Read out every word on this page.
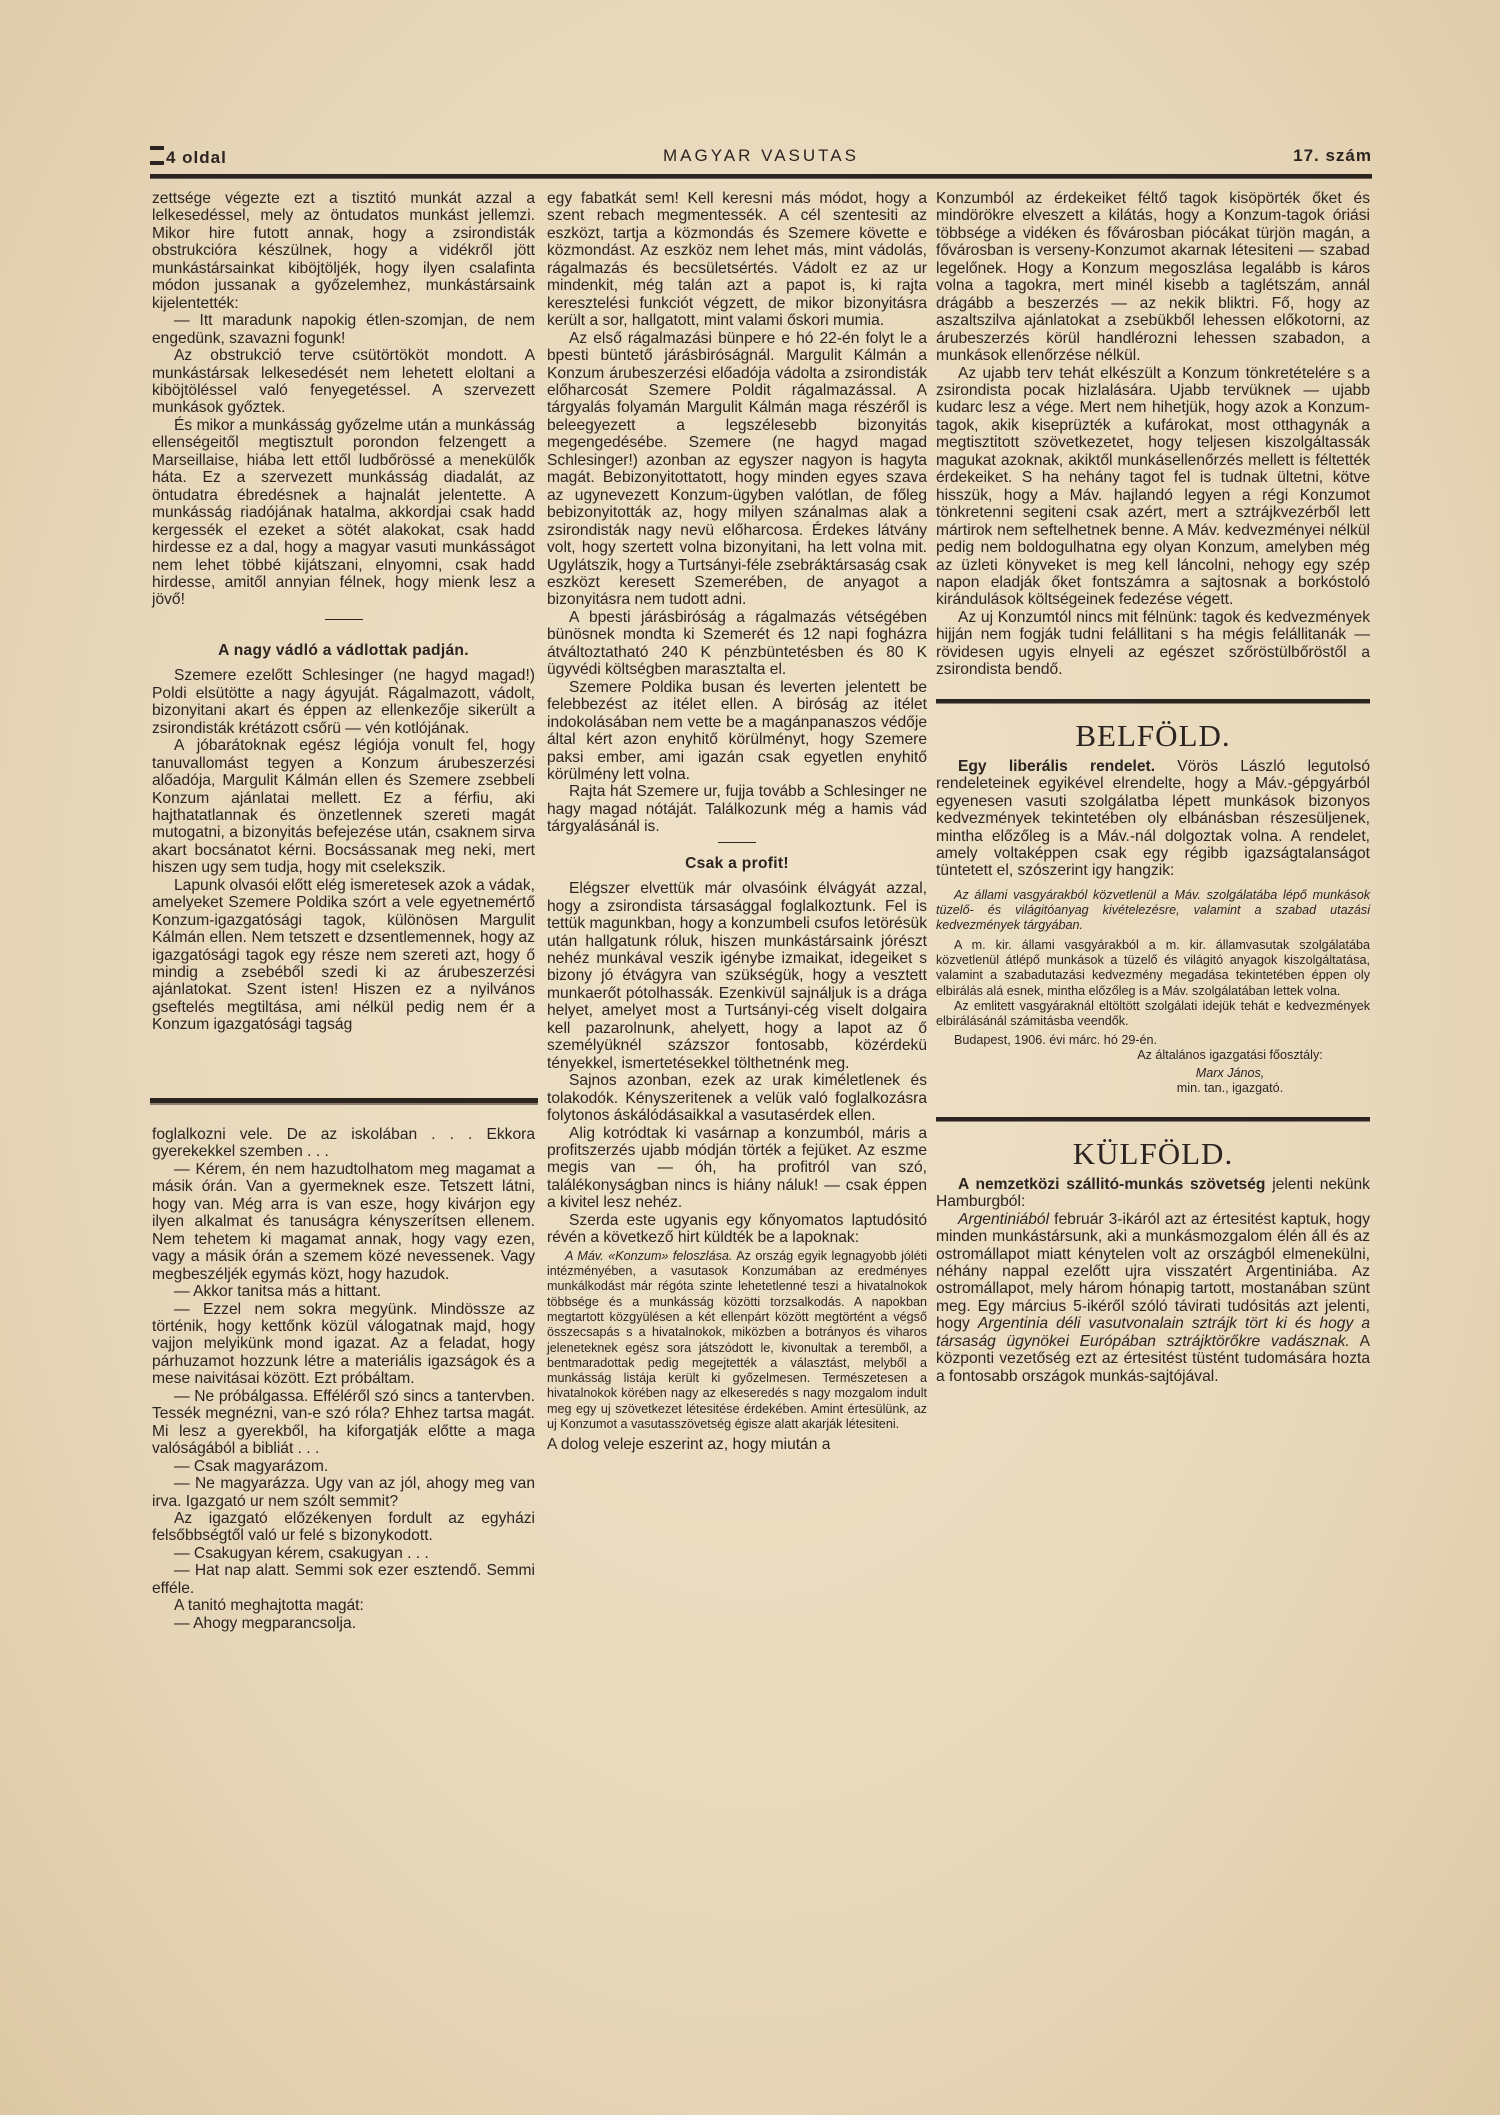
4 oldal	MAGYAR VASUTAS	17. szám

zettsége végezte ezt a tisztitó munkát azzal a lelkesedéssel, mely az öntudatos munkást jellemzi. Mikor hire futott annak, hogy a zsirondisták obstrukcióra készülnek, hogy a vidékről jött munkástársainkat kiböjtöljék, hogy ilyen csalafinta módon jussanak a győzelemhez, munkástársaink kijelentették:

— Itt maradunk napokig étlen-szomjan, de nem engedünk, szavazni fogunk!

Az obstrukció terve csütörtököt mondott. A munkástársak lelkesedését nem lehetett eloltani a kiböjtöléssel való fenyegetéssel. A szervezett munkások győztek.

És mikor a munkásság győzelme után a munkásság ellenségeitől megtisztult porondon felzengett a Marseillaise, hiába lett ettől ludbőrössé a menekülők háta. Ez a szervezett munkásság diadalát, az öntudatra ébredésnek a hajnalát jelentette. A munkásság riadójának hatalma, akkordjai csak hadd kergessék el ezeket a sötét alakokat, csak hadd hirdesse ez a dal, hogy a magyar vasuti munkásságot nem lehet többé kijátszani, elnyomni, csak hadd hirdesse, amitől annyian félnek, hogy mienk lesz a jövő!

A nagy vádló a vádlottak padján.

Szemere ezelőtt Schlesinger (ne hagyd magad!) Poldi elsütötte a nagy ágyuját. Rágalmazott, vádolt, bizonyitani akart és éppen az ellenkezője sikerült a zsirondisták krétázott csőrü — vén kotlójának.

A jóbarátoknak egész légiója vonult fel, hogy tanuvallomást tegyen a Konzum árubeszerzési alőadója, Margulit Kálmán ellen és Szemere zsebbeli Konzum ajánlatai mellett. Ez a férfiu, aki hajthatatlannak és önzetlennek szereti magát mutogatni, a bizonyitás befejezése után, csaknem sirva akart bocsánatot kérni. Bocsássanak meg neki, mert hiszen ugy sem tudja, hogy mit cselekszik.

Lapunk olvasói előtt elég ismeretesek azok a vádak, amelyeket Szemere Poldika szórt a vele egyetnemértő Konzum-igazgatósági tagok, különösen Margulit Kálmán ellen. Nem tetszett e dzsentlemennek, hogy az igazgatósági tagok egy része nem szereti azt, hogy ő mindig a zsebéből szedi ki az árubeszerzési ajánlatokat. Szent isten! Hiszen ez a nyilvános gseftelés megtiltása, ami nélkül pedig nem ér a Konzum igazgatósági tagság

foglalkozni vele. De az iskolában . . . Ekkora gyerekekkel szemben . . .

— Kérem, én nem hazudtolhatom meg magamat a másik órán. Van a gyermeknek esze. Tetszett látni, hogy van. Még arra is van esze, hogy kivárjon egy ilyen alkalmat és tanuságra kényszerítsen ellenem. Nem tehetem ki magamat annak, hogy vagy ezen, vagy a másik órán a szemem közé nevessenek. Vagy megbeszéljék egymás közt, hogy hazudok.

— Akkor tanitsa más a hittant.

— Ezzel nem sokra megyünk. Mindössze az történik, hogy kettőnk közül válogatnak majd, hogy vajjon melyikünk mond igazat. Az a feladat, hogy párhuzamot hozzunk létre a materiális igazságok és a mese naivitásai között. Ezt próbáltam.

— Ne próbálgassa. Efféléről szó sincs a tantervben. Tessék megnézni, van-e szó róla? Ehhez tartsa magát. Mi lesz a gyerekből, ha kiforgatják előtte a maga valóságából a bibliát . . .

— Csak magyarázom.

— Ne magyarázza. Ugy van az jól, ahogy meg van irva. Igazgató ur nem szólt semmit?

Az igazgató előzékenyen fordult az egyházi felsőbbségtől való ur felé s bizonykodott.

— Csakugyan kérem, csakugyan . . .

— Hat nap alatt. Semmi sok ezer esztendő. Semmi efféle.

A tanitó meghajtotta magát:

— Ahogy megparancsolja.

egy fabatkát sem! Kell keresni más módot, hogy a szent rebach megmentessék. A cél szentesiti az eszközt, tartja a közmondás és Szemere követte e közmondást. Az eszköz nem lehet más, mint vádolás, rágalmazás és becsületsértés. Vádolt ez az ur mindenkit, még talán azt a papot is, ki rajta keresztelési funkciót végzett, de mikor bizonyitásra került a sor, hallgatott, mint valami őskori mumia.

Az első rágalmazási bünpere e hó 22-én folyt le a bpesti büntető járásbiróságnál. Margulit Kálmán a Konzum árubeszerzési előadója vádolta a zsirondisták előharcosát Szemere Poldit rágalmazással. A tárgyalás folyamán Margulit Kálmán maga részéről is beleegyezett a legszélesebb bizonyitás megengedésébe. Szemere (ne hagyd magad Schlesinger!) azonban az egyszer nagyon is hagyta magát. Bebizonyitottatott, hogy minden egyes szava az ugynevezett Konzum-ügyben valótlan, de főleg bebizonyitották az, hogy milyen szánalmas alak a zsirondisták nagy nevü előharcosa. Érdekes látvány volt, hogy szertett volna bizonyitani, ha lett volna mit. Ugylátszik, hogy a Turtsányi-féle zsebráktársaság csak eszközt keresett Szemerében, de anyagot a bizonyitásra nem tudott adni.

A bpesti járásbiróság a rágalmazás vétségében bünösnek mondta ki Szemerét és 12 napi fogházra átváltoztatható 240 K pénzbüntetésben és 80 K ügyvédi költségben marasztalta el.

Szemere Poldika busan és leverten jelentett be felebbezést az itélet ellen. A biróság az itélet indokolásában nem vette be a magánpanaszos védője által kért azon enyhitő körülményt, hogy Szemere paksi ember, ami igazán csak egyetlen enyhitő körülmény lett volna.

Rajta hát Szemere ur, fujja tovább a Schlesinger ne hagy magad nótáját. Találkozunk még a hamis vád tárgyalásánál is.

Csak a profit!

Elégszer elvettük már olvasóink élvágyát azzal, hogy a zsirondista társasággal foglalkoztunk. Fel is tettük magunkban, hogy a konzumbeli csufos letörésük után hallgatunk róluk, hiszen munkástársaink jórészt nehéz munkával veszik igénybe izmaikat, idegeiket s bizony jó étvágyra van szükségük, hogy a vesztett munkaerőt pótolhassák. Ezenkivül sajnáljuk is a drága helyet, amelyet most a Turtsányi-cég viselt dolgaira kell pazarolnunk, ahelyett, hogy a lapot az ő személyüknél százszor fontosabb, közérdekü tényekkel, ismertetésekkel tölthetnénk meg.

Sajnos azonban, ezek az urak kiméletlenek és tolakodók. Kényszeritenek a velük való foglalkozásra folytonos áskálódásaikkal a vasutasérdek ellen.

Alig kotródtak ki vasárnap a konzumból, máris a profitszerzés ujabb módján törték a fejüket. Az eszme megis van — óh, ha profitról van szó, találékonyságban nincs is hiány náluk! — csak éppen a kivitel lesz nehéz.

Szerda este ugyanis egy kőnyomatos laptudósitó révén a következő hirt küldték be a lapoknak:

A Máv. «Konzum» feloszlása. Az ország egyik legnagyobb jóléti intézményében, a vasutasok Konzumában az eredményes munkálkodást már régóta szinte lehetetlenné teszi a hivatalnokok többsége és a munkásság közötti torzsalkodás. A napokban megtartott közgyülésen a két ellenpárt között megtörtént a végső összecsapás s a hivatalnokok, miközben a botrányos és viharos jeleneteknek egész sora játszódott le, kivonultak a teremből, a bentmaradottak pedig megejtették a választást, melyből a munkásság listája került ki győzelmesen. Természetesen a hivatalnokok körében nagy az elkeseredés s nagy mozgalom indult meg egy uj szövetkezet létesitése érdekében. Amint értesülünk, az uj Konzumot a vasutasszövetség égisze alatt akarják létesiteni.

A dolog veleje eszerint az, hogy miután a

Konzumból az érdekeiket féltő tagok kisöpörték őket és mindörökre elveszett a kilátás, hogy a Konzum-tagok óriási többsége a vidéken és fővárosban piócákat türjön magán, a fővárosban is verseny-Konzumot akarnak létesiteni — szabad legelőnek. Hogy a Konzum megoszlása legalább is káros volna a tagokra, mert minél kisebb a taglétszám, annál drágább a beszerzés — az nekik bliktri. Fő, hogy az aszaltszilva ajánlatokat a zsebükből lehessen előkotorni, az árubeszerzés körül handlérozni lehessen szabadon, a munkások ellenőrzése nélkül.

Az ujabb terv tehát elkészült a Konzum tönkretételére s a zsirondista pocak hizlalására. Ujabb tervüknek — ujabb kudarc lesz a vége. Mert nem hihetjük, hogy azok a Konzum-tagok, akik kiseprüzték a kufárokat, most otthagynák a megtisztitott szövetkezetet, hogy teljesen kiszolgáltassák magukat azoknak, akiktől munkásellenőrzés mellett is féltették érdekeiket. S ha nehány tagot fel is tudnak ültetni, kötve hisszük, hogy a Máv. hajlandó legyen a régi Konzumot tönkretenni segiteni csak azért, mert a sztrájkvezérből lett mártirok nem seftelhetnek benne. A Máv. kedvezményei nélkül pedig nem boldogulhatna egy olyan Konzum, amelyben még az üzleti könyveket is meg kell láncolni, nehogy egy szép napon eladják őket fontszámra a sajtosnak a borkóstoló kirándulások költségeinek fedezése végett.

Az uj Konzumtól nincs mit félnünk: tagok és kedvezmények hijján nem fogják tudni felállitani s ha mégis felállitanák — rövidesen ugyis elnyeli az egészet szőröstülbőröstől a zsirondista bendő.

BELFÖLD.

Egy liberális rendelet. Vörös László legutolsó rendeleteinek egyikével elrendelte, hogy a Máv.-gépgyárból egyenesen vasuti szolgálatba lépett munkások bizonyos kedvezmények tekintetében oly elbánásban részesüljenek, mintha előzőleg is a Máv.-nál dolgoztak volna. A rendelet, amely voltaképpen csak egy régibb igazságtalanságot tüntetett el, szószerint igy hangzik:

Az állami vasgyárakból közvetlenül a Máv. szolgálatába lépő munkások tüzelő- és világitóanyag kivételezésre, valamint a szabad utazási kedvezmények tárgyában.

A m. kir. állami vasgyárakból a m. kir. államvasutak szolgálatába közvetlenül átlépő munkások a tüzelő és világitó anyagok kiszolgáltatása, valamint a szabadutazási kedvezmény megadása tekintetében éppen oly elbirálás alá esnek, mintha előzőleg is a Máv. szolgálatában lettek volna.

Az emlitett vasgyáraknál eltöltött szolgálati idejük tehát e kedvezmények elbirálásánál számitásba veendők.

Budapest, 1906. évi márc. hó 29-én.

Az általános igazgatási főosztály:
Marx János,
min. tan., igazgató.
KÜLFÖLD.

A nemzetközi szállitó-munkás szövetség jelenti nekünk Hamburgból:

Argentiniából február 3-ikáról azt az értesitést kaptuk, hogy minden munkástársunk, aki a munkásmozgalom élén áll és az ostromállapot miatt kénytelen volt az országból elmenekülni, néhány nappal ezelőtt ujra visszatért Argentiniába. Az ostromállapot, mely három hónapig tartott, mostanában szünt meg. Egy március 5-ikéről szóló távirati tudósitás azt jelenti, hogy Argentinia déli vasutvonalain sztrájk tört ki és hogy a társaság ügynökei Európában sztrájktörőkre vadásznak. A központi vezetőség ezt az értesitést tüstént tudomására hozta a fontosabb országok munkás-sajtójával.
